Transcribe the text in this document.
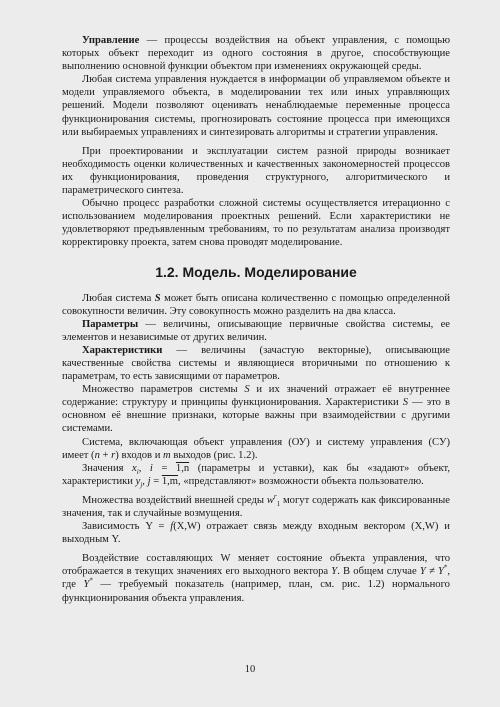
Управление — процессы воздействия на объект управления, с помощью которых объект переходит из одного состояния в другое, способствующие выполнению основной функции объектом при изменениях окружающей среды.

Любая система управления нуждается в информации об управляемом объекте и модели управляемого объекта, в моделировании тех или иных управляющих решений. Модели позволяют оценивать ненаблюдаемые переменные процесса функционирования системы, прогнозировать состояние процесса при имеющихся или выбираемых управлениях и синтезировать алгоритмы и стратегии управления.

При проектировании и эксплуатации систем разной природы возникает необходимость оценки количественных и качественных закономерностей процессов их функционирования, проведения структурного, алгоритмического и параметрического синтеза.

Обычно процесс разработки сложной системы осуществляется итерационно с использованием моделирования проектных решений. Если характеристики не удовлетворяют предъявленным требованиям, то по результатам анализа производят корректировку проекта, затем снова проводят моделирование.

1.2. Модель. Моделирование

Любая система S может быть описана количественно с помощью определенной совокупности величин. Эту совокупность можно разделить на два класса.

Параметры — величины, описывающие первичные свойства системы, ее элементов и независимые от других величин.

Характеристики — величины (зачастую векторные), описывающие качественные свойства системы и являющиеся вторичными по отношению к параметрам, то есть зависящими от параметров.

Множество параметров системы S и их значений отражает её внутреннее содержание: структуру и принципы функционирования. Характеристики S — это в основном её внешние признаки, которые важны при взаимодействии с другими системами.

Система, включающая объект управления (ОУ) и систему управления (СУ) имеет (n + r) входов и m выходов (рис. 1.2).

Значения $x_i$, i = 1,n (параметры и уставки), как бы «задают» объект, характеристики $y_j$, j = 1,m, «представляют» возможности объекта пользователю.

Множества воздействий внешней среды $w^r_1$ могут содержать как фиксированные значения, так и случайные возмущения.

Зависимость Y = f(X,W) отражает связь между входным вектором (X,W) и выходным Y.

Воздействие составляющих W меняет состояние объекта управления, что отображается в текущих значениях его выходного вектора Y. В общем случае Y ≠ Y*, где Y* — требуемый показатель (например, план, см. рис. 1.2) нормального функционирования объекта управления.

10
